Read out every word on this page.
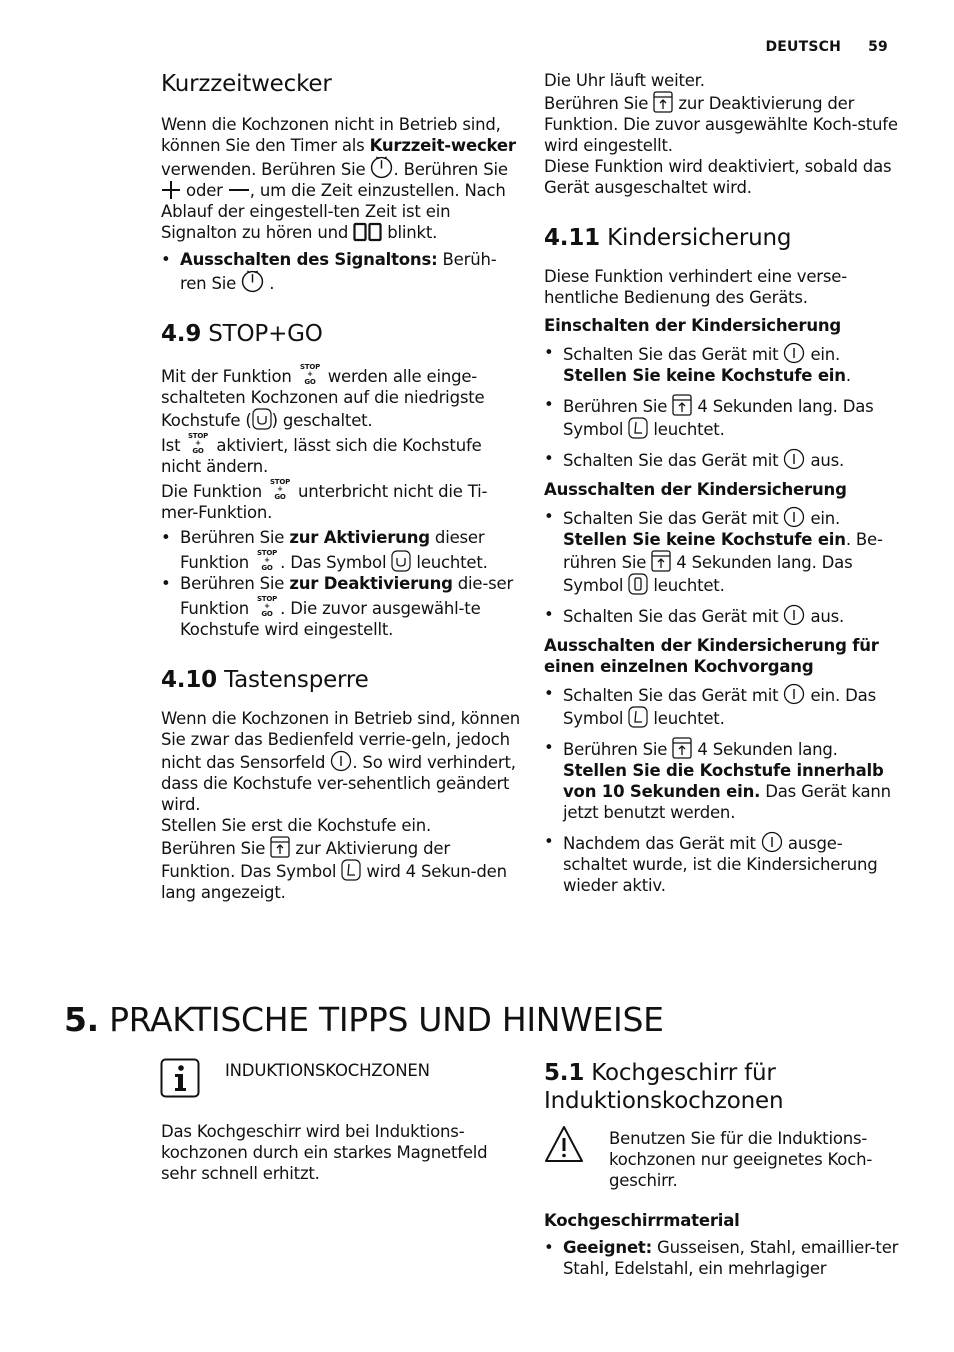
DEUTSCH 59
Kurzzeitwecker

Wenn die Kochzonen nicht in Betrieb sind, können Sie den Timer als Kurzzeit-wecker verwenden. Berühren Sie
. Berühren Sie
oder
, um die Zeit einzustellen. Nach Ablauf der eingestell-ten Zeit ist ein Signalton zu hören und
blinkt.

• Ausschalten des Signaltons: Berüh-ren Sie
.
4.9 STOP+GO

Mit der Funktion STOP
+
GO werden alle einge-schalteten Kochzonen auf die niedrigste Kochstufe ( ) geschaltet.

Ist STOP
+
GO aktiviert, lässt sich die Kochstufe nicht ändern.

Die Funktion STOP
+
GO unterbricht nicht die Ti-mer-Funktion.

• Berühren Sie zur Aktivierung dieser Funktion STOP
+
GO . Das Symbol
leuchtet.
• Berühren Sie zur Deaktivierung die-ser Funktion STOP
+
GO . Die zuvor ausgewähl-te Kochstufe wird eingestellt.
4.10 Tastensperre

Wenn die Kochzonen in Betrieb sind, können Sie zwar das Bedienfeld verrie-geln, jedoch nicht das Sensorfeld
. So wird verhindert, dass die Kochstufe ver-sehentlich geändert wird.

Stellen Sie erst die Kochstufe ein.

Berühren Sie
zur Aktivierung der Funktion. Das Symbol
wird 4 Sekun-den lang angezeigt.

Die Uhr läuft weiter.

Berühren Sie
zur Deaktivierung der Funktion. Die zuvor ausgewählte Koch-stufe wird eingestellt.

Diese Funktion wird deaktiviert, sobald das Gerät ausgeschaltet wird.

4.11 Kindersicherung

Diese Funktion verhindert eine verse-hentliche Bedienung des Geräts.

Einschalten der Kindersicherung
• Schalten Sie das Gerät mit
ein. Stellen Sie keine Kochstufe ein.
• Berühren Sie
4 Sekunden lang. Das Symbol
leuchtet.
• Schalten Sie das Gerät mit
aus.
Ausschalten der Kindersicherung
• Schalten Sie das Gerät mit
ein. Stellen Sie keine Kochstufe ein. Be-rühren Sie
4 Sekunden lang. Das Symbol
leuchtet.
• Schalten Sie das Gerät mit
aus.
Ausschalten der Kindersicherung für einen einzelnen Kochvorgang
• Schalten Sie das Gerät mit
ein. Das Symbol
leuchtet.
• Berühren Sie
4 Sekunden lang. Stellen Sie die Kochstufe innerhalb von 10 Sekunden ein. Das Gerät kann jetzt benutzt werden.
• Nachdem das Gerät mit
ausge-schaltet wurde, ist die Kindersicherung wieder aktiv.
5. PRAKTISCHE TIPPS UND HINWEISE

INDUKTIONSKOCHZONEN

Das Kochgeschirr wird bei Induktions-kochzonen durch ein starkes Magnetfeld sehr schnell erhitzt.

5.1 Kochgeschirr für Induktionskochzonen

Benutzen Sie für die Induktions-kochzonen nur geeignetes Koch-geschirr.

Kochgeschirrmaterial
• Geeignet: Gusseisen, Stahl, emaillier-ter Stahl, Edelstahl, ein mehrlagiger
